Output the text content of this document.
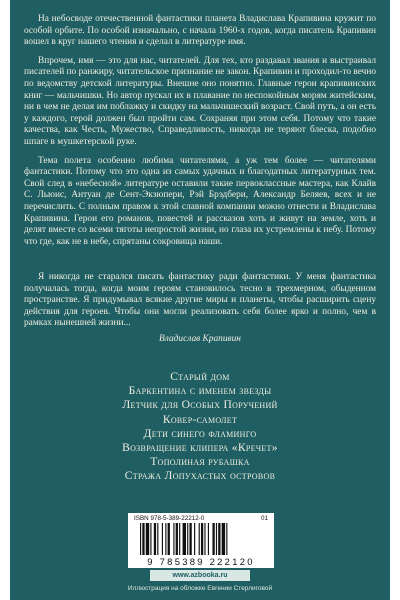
На небосводе отечественной фантастики планета Владислава Крапивина кружит по особой орбите. По особой изначально, с начала 1960-х годов, когда писатель Крапивин вошел в круг нашего чтения и сделал в литературе имя.

Впрочем, имя — это для нас, читателей. Для тех, кто раздавал звания и выстраивал писателей по ранжиру, читательское признание не закон. Крапивин и проходил-то вечно по ведомству детской литературы. Внешне оно понятно. Главные герои крапивинских книг — мальчишки. Но автор пускал их в плавание по неспокойным морям житейским, ни в чем не делая им поблажку и скидку на мальчишеский возраст. Свой путь, а он есть у каждого, герой должен был пройти сам. Сохраняя при этом себя. Потому что такие качества, как Честь, Мужество, Справедливость, никогда не теряют блеска, подобно шпаге в мушкетерской руке.

Тема полета особенно любима читателями, а уж тем более — читателями фантастики. Потому что это одна из самых удачных и благодатных литературных тем. Свой след в «небесной» литературе оставили такие первоклассные мастера, как Клайв С. Льюис, Антуан де Сент-Экзюпери, Рэй Брэдбери, Александр Беляев, всех и не перечислить. С полным правом к этой славной компании можно отнести и Владислава Крапивина. Герои его романов, повестей и рассказов хоть и живут на земле, хоть и делят вместе со всеми тяготы непростой жизни, но глаза их устремлены к небу. Потому что где, как не в небе, спрятаны сокровища наши.

Я никогда не старался писать фантастику ради фантастики. У меня фантастика получалась тогда, когда моим героям становилось тесно в трехмерном, обыденном пространстве. Я придумывал всякие другие миры и планеты, чтобы расширить сцену действия для героев. Чтобы они могли реализовать себя более ярко и полно, чем в рамках нынешней жизни...
Владислав Крапивин
Старый дом
Баркентина с именем звезды
Летчик для Особых Поручений
Ковер-самолет
Дети синего фламинго
Возвращение клипера «Кречет»
Тополиная рубашка
Стража Лопухастых островов
ISBN 978-5-389-22212-0	01
9 785389 222120
www.azbooka.ru
Иллюстрация на обложке Евгении Стерлиговой
